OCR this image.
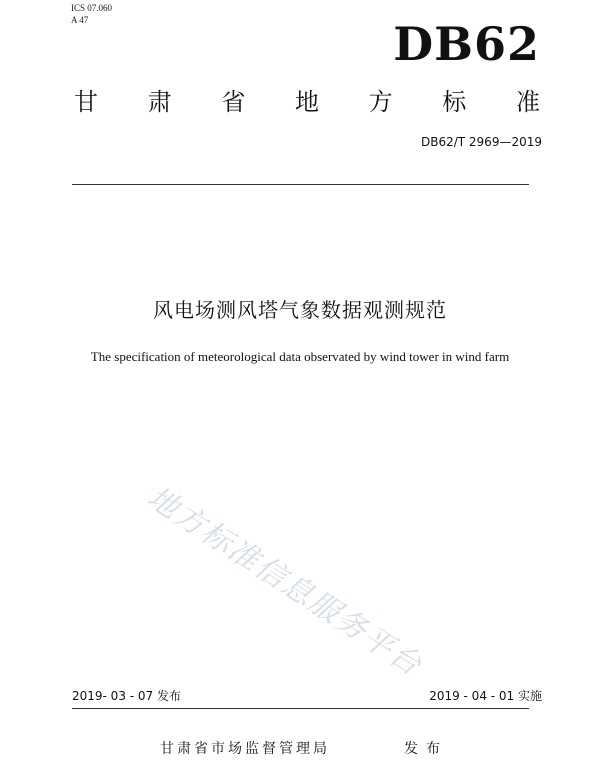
ICS 07.060
A 47	DB62
甘 肃 省 地 方 标 准
DB62/T 2969—2019
风电场测风塔气象数据观测规范
The specification of meteorological data observated by wind tower in wind farm
地方标准信息服务平台
2019- 03 - 07 发布	2019 - 04 - 01 实施
甘肃省市场监督管理局	发布
